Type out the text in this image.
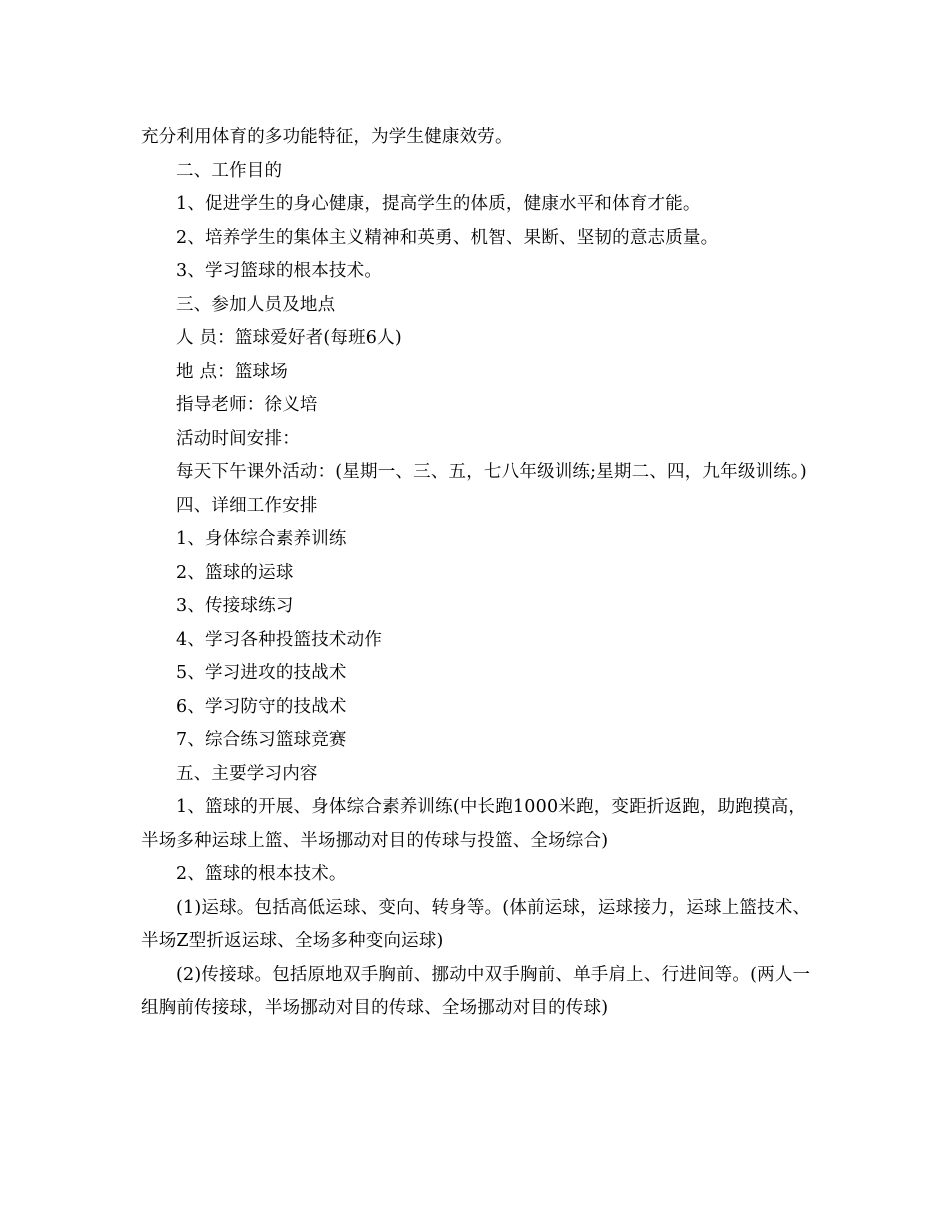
充分利用体育的多功能特征，为学生健康效劳。

二、工作目的

1、促进学生的身心健康，提高学生的体质，健康水平和体育才能。

2、培养学生的集体主义精神和英勇、机智、果断、坚韧的意志质量。

3、学习篮球的根本技术。

三、参加人员及地点

人 员：篮球爱好者(每班6人)

地 点：篮球场

指导老师：徐义培

活动时间安排：

每天下午课外活动：(星期一、三、五，七八年级训练;星期二、四，九年级训练。)

四、详细工作安排

1、身体综合素养训练

2、篮球的运球

3、传接球练习

4、学习各种投篮技术动作

5、学习进攻的技战术

6、学习防守的技战术

7、综合练习篮球竞赛

五、主要学习内容

1、篮球的开展、身体综合素养训练(中长跑1000米跑，变距折返跑，助跑摸高，半场多种运球上篮、半场挪动对目的传球与投篮、全场综合)

2、篮球的根本技术。

(1)运球。包括高低运球、变向、转身等。(体前运球，运球接力，运球上篮技术、半场Z型折返运球、全场多种变向运球)

(2)传接球。包括原地双手胸前、挪动中双手胸前、单手肩上、行进间等。(两人一组胸前传接球，半场挪动对目的传球、全场挪动对目的传球)
